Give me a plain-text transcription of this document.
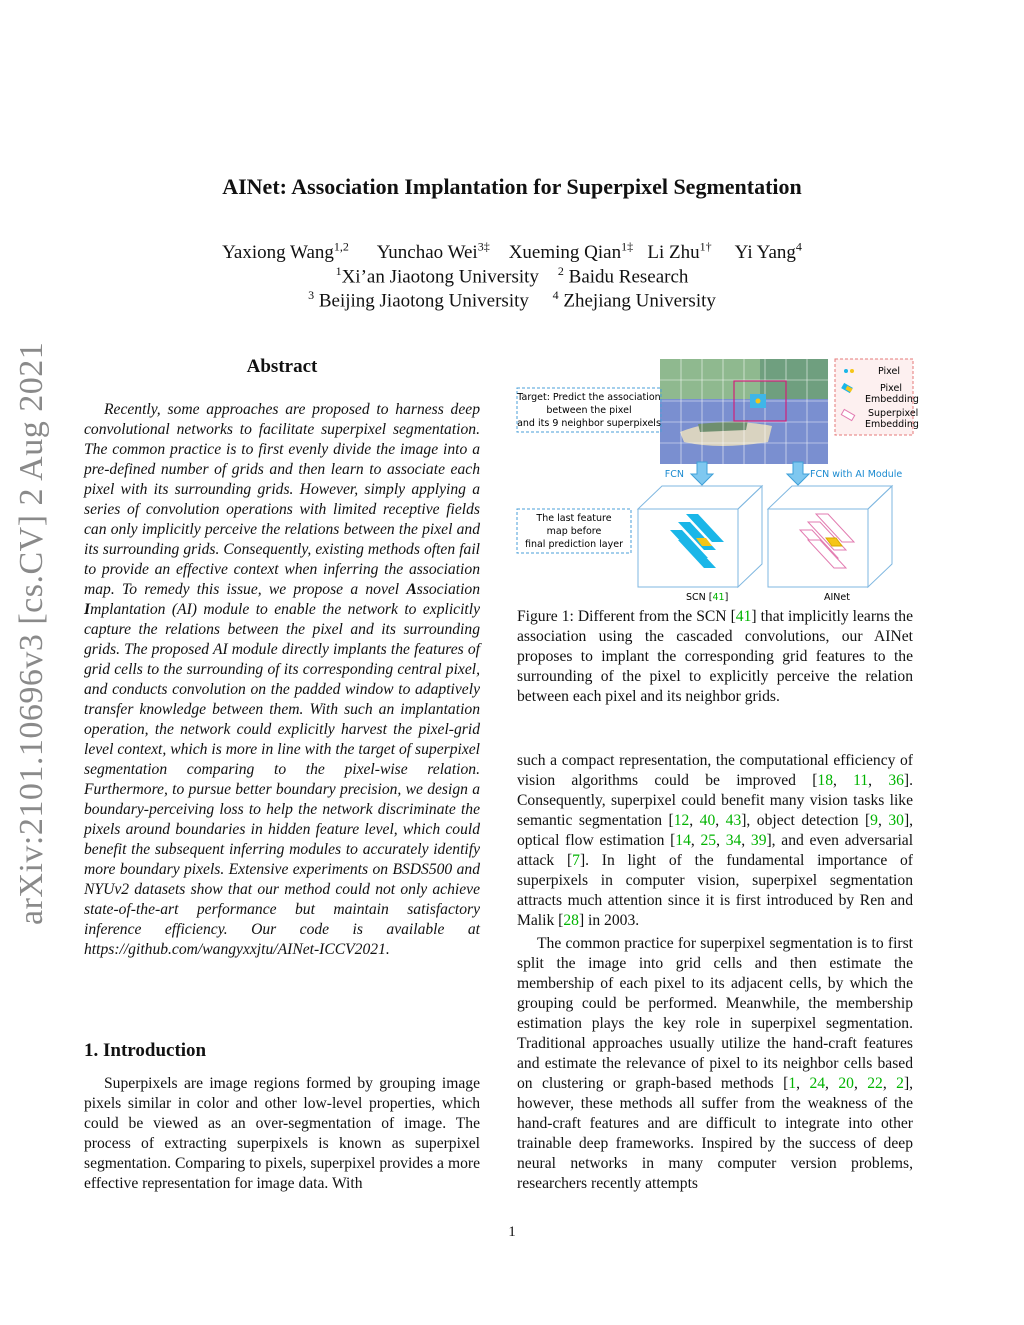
arXiv:2101.10696v3 [cs.CV] 2 Aug 2021
AINet: Association Implantation for Superpixel Segmentation
Yaxiong Wang$^{1,2}$ Yunchao Wei$^{3\ddagger}$ Xueming Qian$^{1\ddagger}$ Li Zhu$^{1\dagger}$ Yi Yang$^4$
$^1$Xi’an Jiaotong University $^2$ Baidu Research
$^3$ Beijing Jiaotong University $^4$ Zhejiang University
Abstract
Recently, some approaches are proposed to harness deep convolutional networks to facilitate superpixel segmentation. The common practice is to first evenly divide the image into a pre-defined number of grids and then learn to associate each pixel with its surrounding grids. However, simply applying a series of convolution operations with limited receptive fields can only implicitly perceive the relations between the pixel and its surrounding grids. Consequently, existing methods often fail to provide an effective context when inferring the association map. To remedy this issue, we propose a novel Association Implantation (AI) module to enable the network to explicitly capture the relations between the pixel and its surrounding grids. The proposed AI module directly implants the features of grid cells to the surrounding of its corresponding central pixel, and conducts convolution on the padded window to adaptively transfer knowledge between them. With such an implantation operation, the network could explicitly harvest the pixel-grid level context, which is more in line with the target of superpixel segmentation comparing to the pixel-wise relation. Furthermore, to pursue better boundary precision, we design a boundary-perceiving loss to help the network discriminate the pixels around boundaries in hidden feature level, which could benefit the subsequent inferring modules to accurately identify more boundary pixels. Extensive experiments on BSDS500 and NYUv2 datasets show that our method could not only achieve state-of-the-art performance but maintain satisfactory inference efficiency. Our code is available at https://github.com/wangyxxjtu/AINet-ICCV2021.
1. Introduction
Superpixels are image regions formed by grouping image pixels similar in color and other low-level properties, which could be viewed as an over-segmentation of image. The process of extracting superpixels is known as superpixel segmentation. Comparing to pixels, superpixel provides a more effective representation for image data. With
Pixel
Pixel
Embedding
Superpixel
Embedding
Target: Predict the association
between the pixel
and its 9 neighbor superpixels
FCN	FCN with AI Module
The last feature
map before
final prediction layer
SCN [41]	AINet
Figure 1: Different from the SCN [41] that implicitly learns the association using the cascaded convolutions, our AINet proposes to implant the corresponding grid features to the surrounding of the pixel to explicitly perceive the relation between each pixel and its neighbor grids.
such a compact representation, the computational efficiency of vision algorithms could be improved [18, 11, 36]. Consequently, superpixel could benefit many vision tasks like semantic segmentation [12, 40, 43], object detection [9, 30], optical flow estimation [14, 25, 34, 39], and even adversarial attack [7]. In light of the fundamental importance of superpixels in computer vision, superpixel segmentation attracts much attention since it is first introduced by Ren and Malik [28] in 2003.
The common practice for superpixel segmentation is to first split the image into grid cells and then estimate the membership of each pixel to its adjacent cells, by which the grouping could be performed. Meanwhile, the membership estimation plays the key role in superpixel segmentation. Traditional approaches usually utilize the hand-craft features and estimate the relevance of pixel to its neighbor cells based on clustering or graph-based methods [1, 24, 20, 22, 2], however, these methods all suffer from the weakness of the hand-craft features and are difficult to integrate into other trainable deep frameworks. Inspired by the success of deep neural networks in many computer version problems, researchers recently attempts
1
